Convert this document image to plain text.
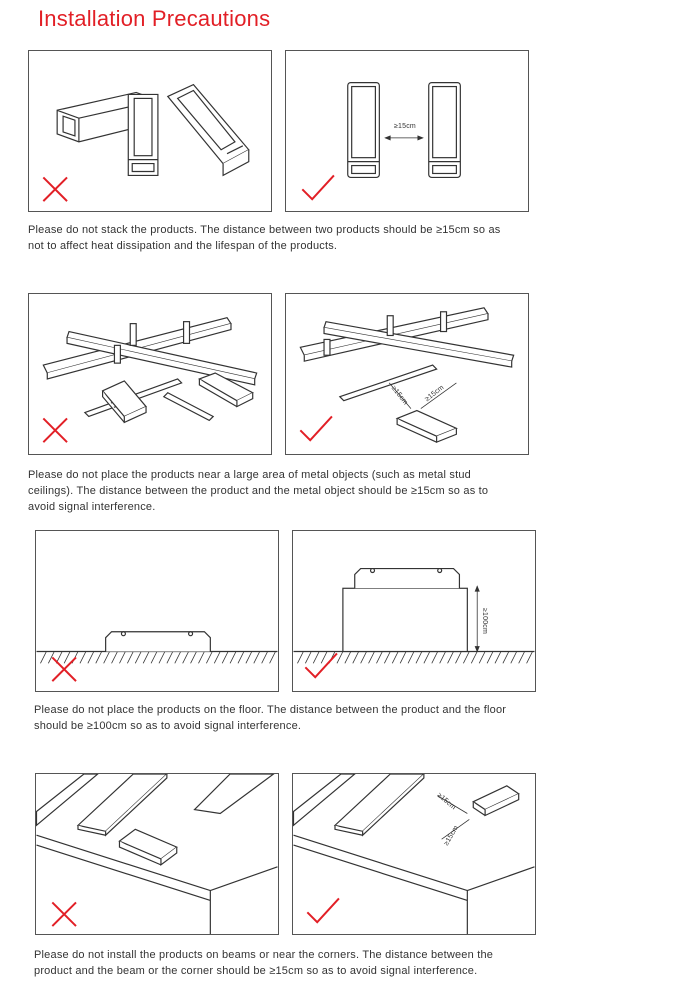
Installation Precautions
≥15cm
Please do not stack the products. The distance between two products should be ≥15cm so as
not to affect heat dissipation and the lifespan of the products.
≥15cm ≥15cm
Please do not place the products near a large area of metal objects (such as metal stud
ceilings). The distance between the product and the metal object should be ≥15cm so as to
avoid signal interference.
≥100cm
Please do not place the products on the floor. The distance between the product and the floor
should be ≥100cm so as to avoid signal interference.
≥15cm
≥15cm
Please do not install the products on beams or near the corners. The distance between the
product and the beam or the corner should be ≥15cm so as to avoid signal interference.
